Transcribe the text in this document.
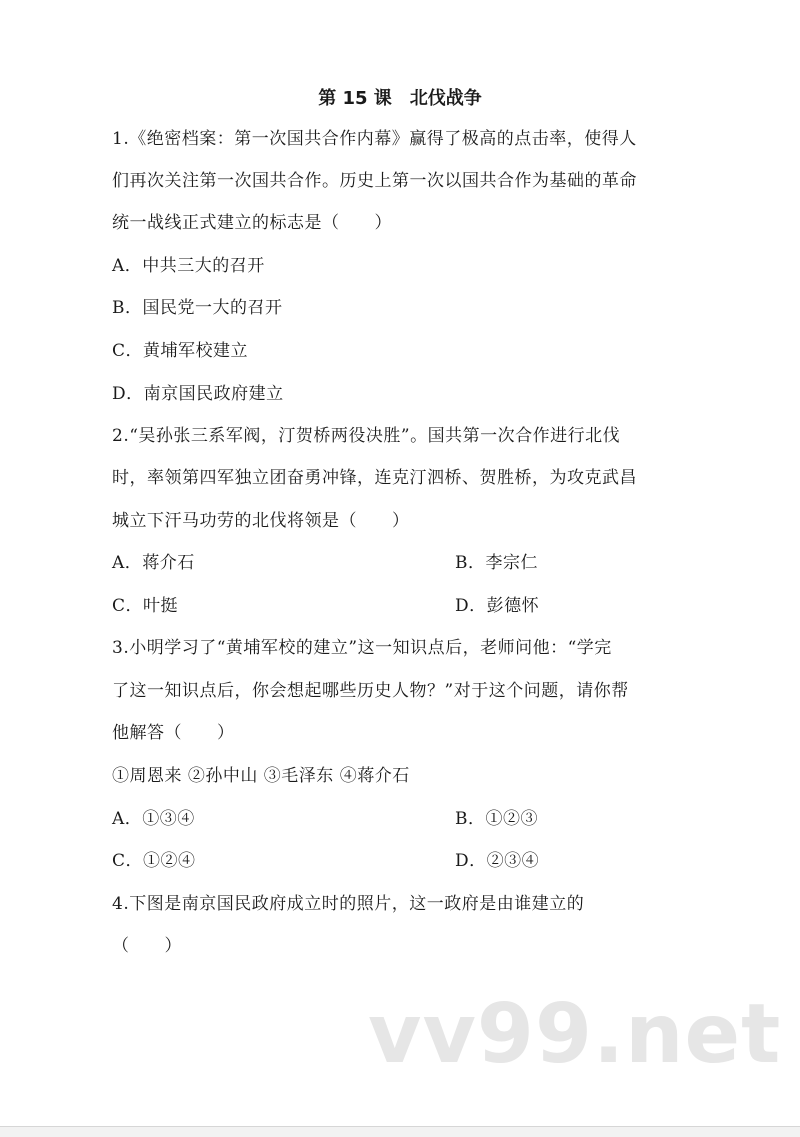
第 15 课　北伐战争
1.《绝密档案：第一次国共合作内幕》赢得了极高的点击率，使得人
们再次关注第一次国共合作。历史上第一次以国共合作为基础的革命
统一战线正式建立的标志是（　　）
A．中共三大的召开
B．国民党一大的召开
C．黄埔军校建立
D．南京国民政府建立
2.“吴孙张三系军阀，汀贺桥两役决胜”。国共第一次合作进行北伐
时，率领第四军独立团奋勇冲锋，连克汀泗桥、贺胜桥，为攻克武昌
城立下汗马功劳的北伐将领是（　　）
A．蒋介石	B．李宗仁
C．叶挺	D．彭德怀
3.小明学习了“黄埔军校的建立”这一知识点后，老师问他：“学完
了这一知识点后，你会想起哪些历史人物？”对于这个问题，请你帮
他解答（　　）
①周恩来 ②孙中山 ③毛泽东 ④蒋介石
A．①③④	B．①②③
C．①②④	D．②③④
4.下图是南京国民政府成立时的照片，这一政府是由谁建立的
（　　）
vv99.net
